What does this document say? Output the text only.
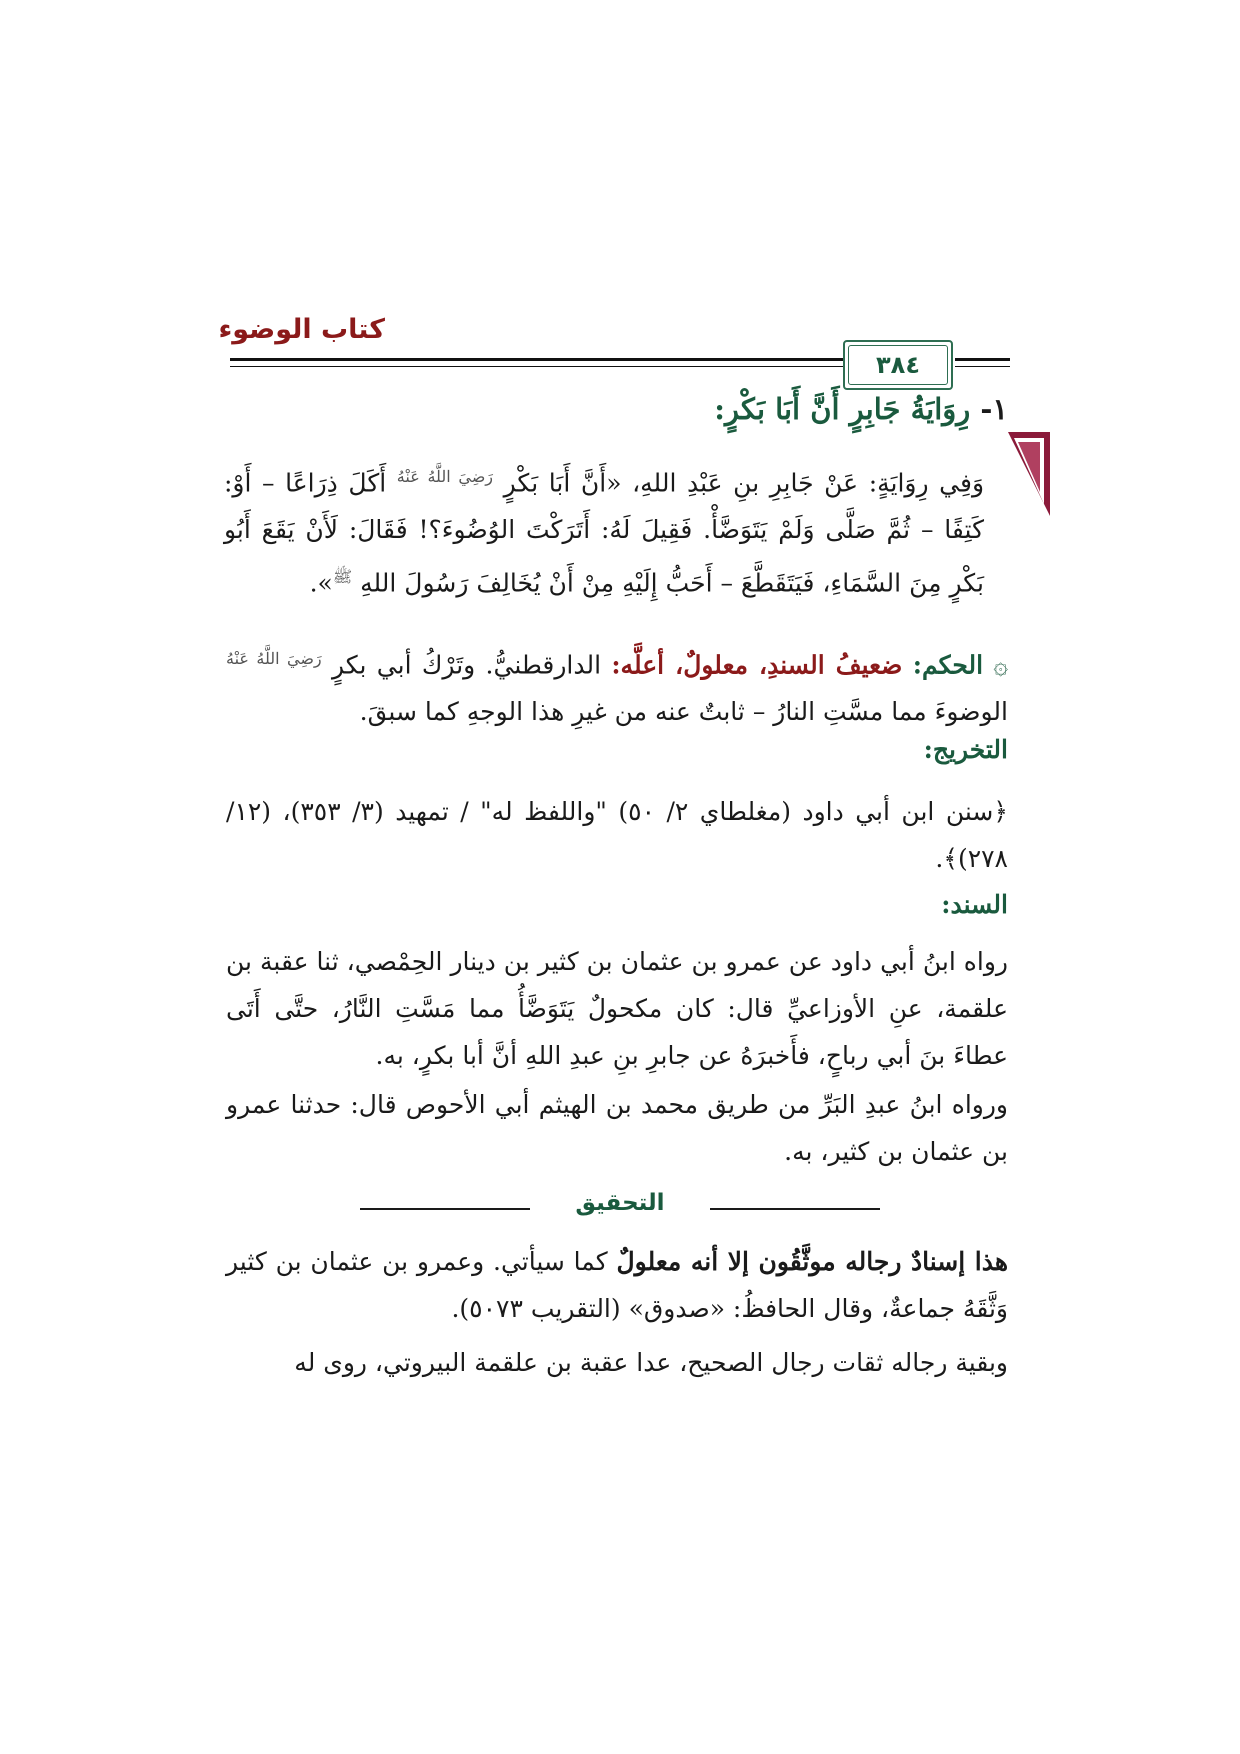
كتاب الوضوء
٣٨٤
١- رِوَايَةُ جَابِرٍ أَنَّ أَبَا بَكْرٍ:
وَفِي رِوَايَةٍ: عَنْ جَابِرِ بنِ عَبْدِ اللهِ، «أَنَّ أَبَا بَكْرٍ $^{رَضِيَ اللَّهُ عَنْهُ}$ أَكَلَ ذِرَاعًا – أَوْ: كَتِفًا – ثُمَّ صَلَّى وَلَمْ يَتَوَضَّأْ. فَقِيلَ لَهُ: أَتَرَكْتَ الوُضُوءَ؟! فَقَالَ: لَأَنْ يَقَعَ أَبُو بَكْرٍ مِنَ السَّمَاءِ، فَيَتَقَطَّعَ – أَحَبُّ إِلَيْهِ مِنْ أَنْ يُخَالِفَ رَسُولَ اللهِ $^ﷺ$».
۞ الحكم: ضعيفُ السندِ، معلولٌ، أعلَّه: الدارقطنيُّ. وتَرْكُ أبي بكرٍ $^{رَضِيَ اللَّهُ عَنْهُ}$ الوضوءَ مما مسَّتِ النارُ – ثابتٌ عنه من غيرِ هذا الوجهِ كما سبقَ.
التخريج:
﴿سنن ابن أبي داود (مغلطاي ٢/ ٥٠) "واللفظ له" / تمهيد (٣/ ٣٥٣)، (١٢/ ٢٧٨)﴾.
السند:
رواه ابنُ أبي داود عن عمرو بن عثمان بن كثير بن دينار الحِمْصي، ثنا عقبة بن علقمة، عنِ الأوزاعيِّ قال: كان مكحولٌ يَتَوَضَّأُ مما مَسَّتِ النَّارُ، حتَّى أَتَى عطاءَ بنَ أبي رباحٍ، فأَخبرَهُ عن جابرِ بنِ عبدِ اللهِ أنَّ أبا بكرٍ، به.
ورواه ابنُ عبدِ البَرِّ من طريق محمد بن الهيثم أبي الأحوص قال: حدثنا عمرو بن عثمان بن كثير، به.
التحقيق
هذا إسنادٌ رجاله موثَّقُون إلا أنه معلولٌ كما سيأتي. وعمرو بن عثمان بن كثير وَثَّقَهُ جماعةٌ، وقال الحافظُ: «صدوق» (التقريب ٥٠٧٣).
وبقية رجاله ثقات رجال الصحيح، عدا عقبة بن علقمة البيروتي، روى له
